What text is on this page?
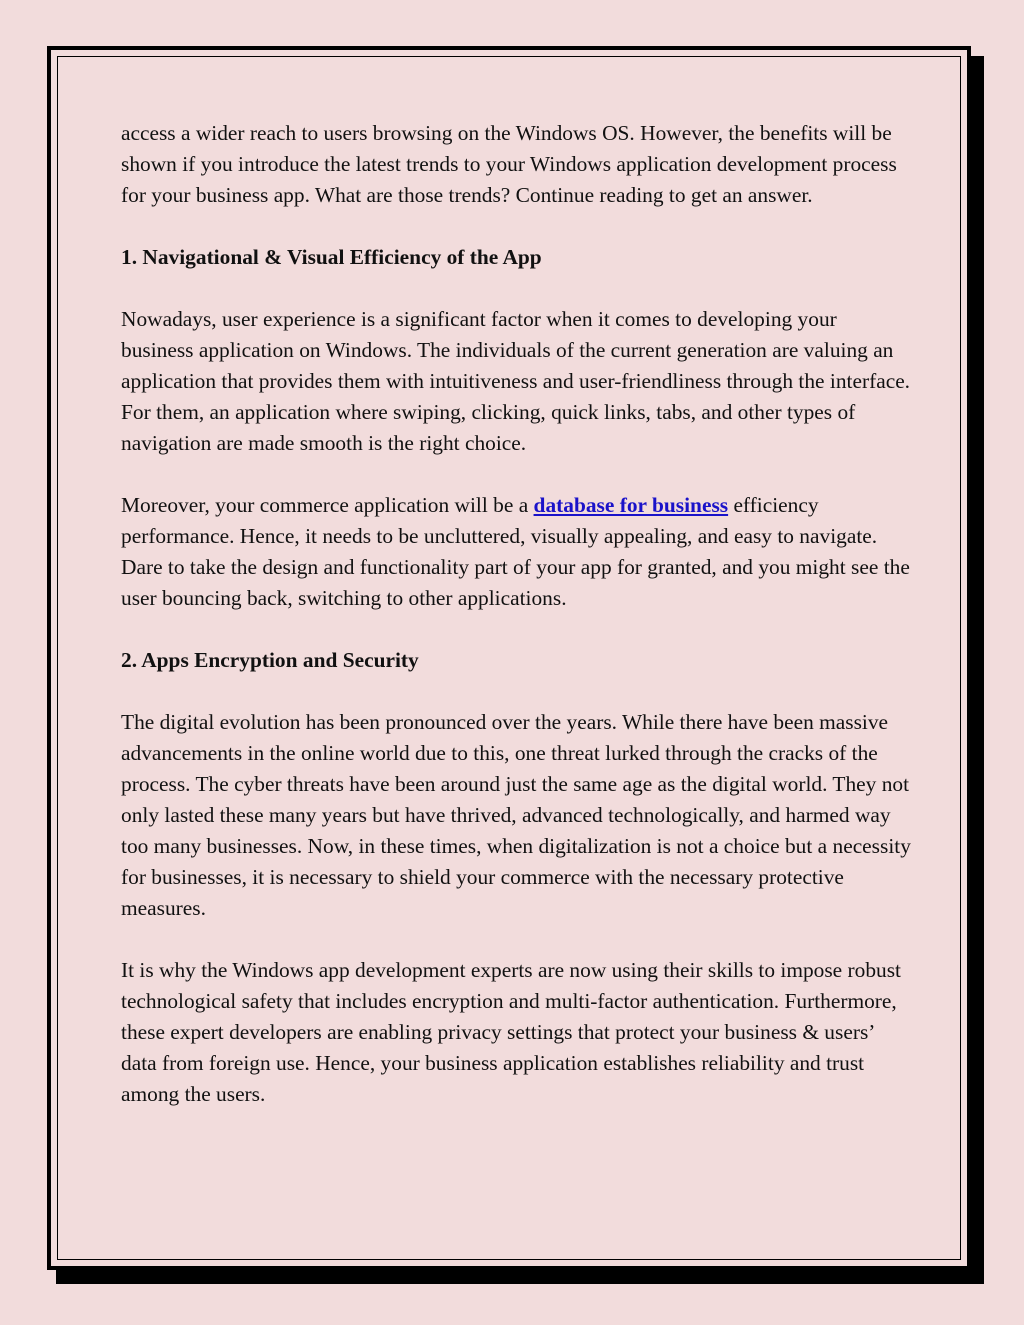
access a wider reach to users browsing on the Windows OS. However, the benefits will be shown if you introduce the latest trends to your Windows application development process for your business app. What are those trends? Continue reading to get an answer.

1. Navigational & Visual Efficiency of the App

Nowadays, user experience is a significant factor when it comes to developing your business application on Windows. The individuals of the current generation are valuing an application that provides them with intuitiveness and user-friendliness through the interface. For them, an application where swiping, clicking, quick links, tabs, and other types of navigation are made smooth is the right choice.

Moreover, your commerce application will be a database for business efficiency performance. Hence, it needs to be uncluttered, visually appealing, and easy to navigate. Dare to take the design and functionality part of your app for granted, and you might see the user bouncing back, switching to other applications.

2. Apps Encryption and Security

The digital evolution has been pronounced over the years. While there have been massive advancements in the online world due to this, one threat lurked through the cracks of the process. The cyber threats have been around just the same age as the digital world. They not only lasted these many years but have thrived, advanced technologically, and harmed way too many businesses. Now, in these times, when digitalization is not a choice but a necessity for businesses, it is necessary to shield your commerce with the necessary protective measures.

It is why the Windows app development experts are now using their skills to impose robust technological safety that includes encryption and multi-factor authentication. Furthermore, these expert developers are enabling privacy settings that protect your business & users’ data from foreign use. Hence, your business application establishes reliability and trust among the users.
